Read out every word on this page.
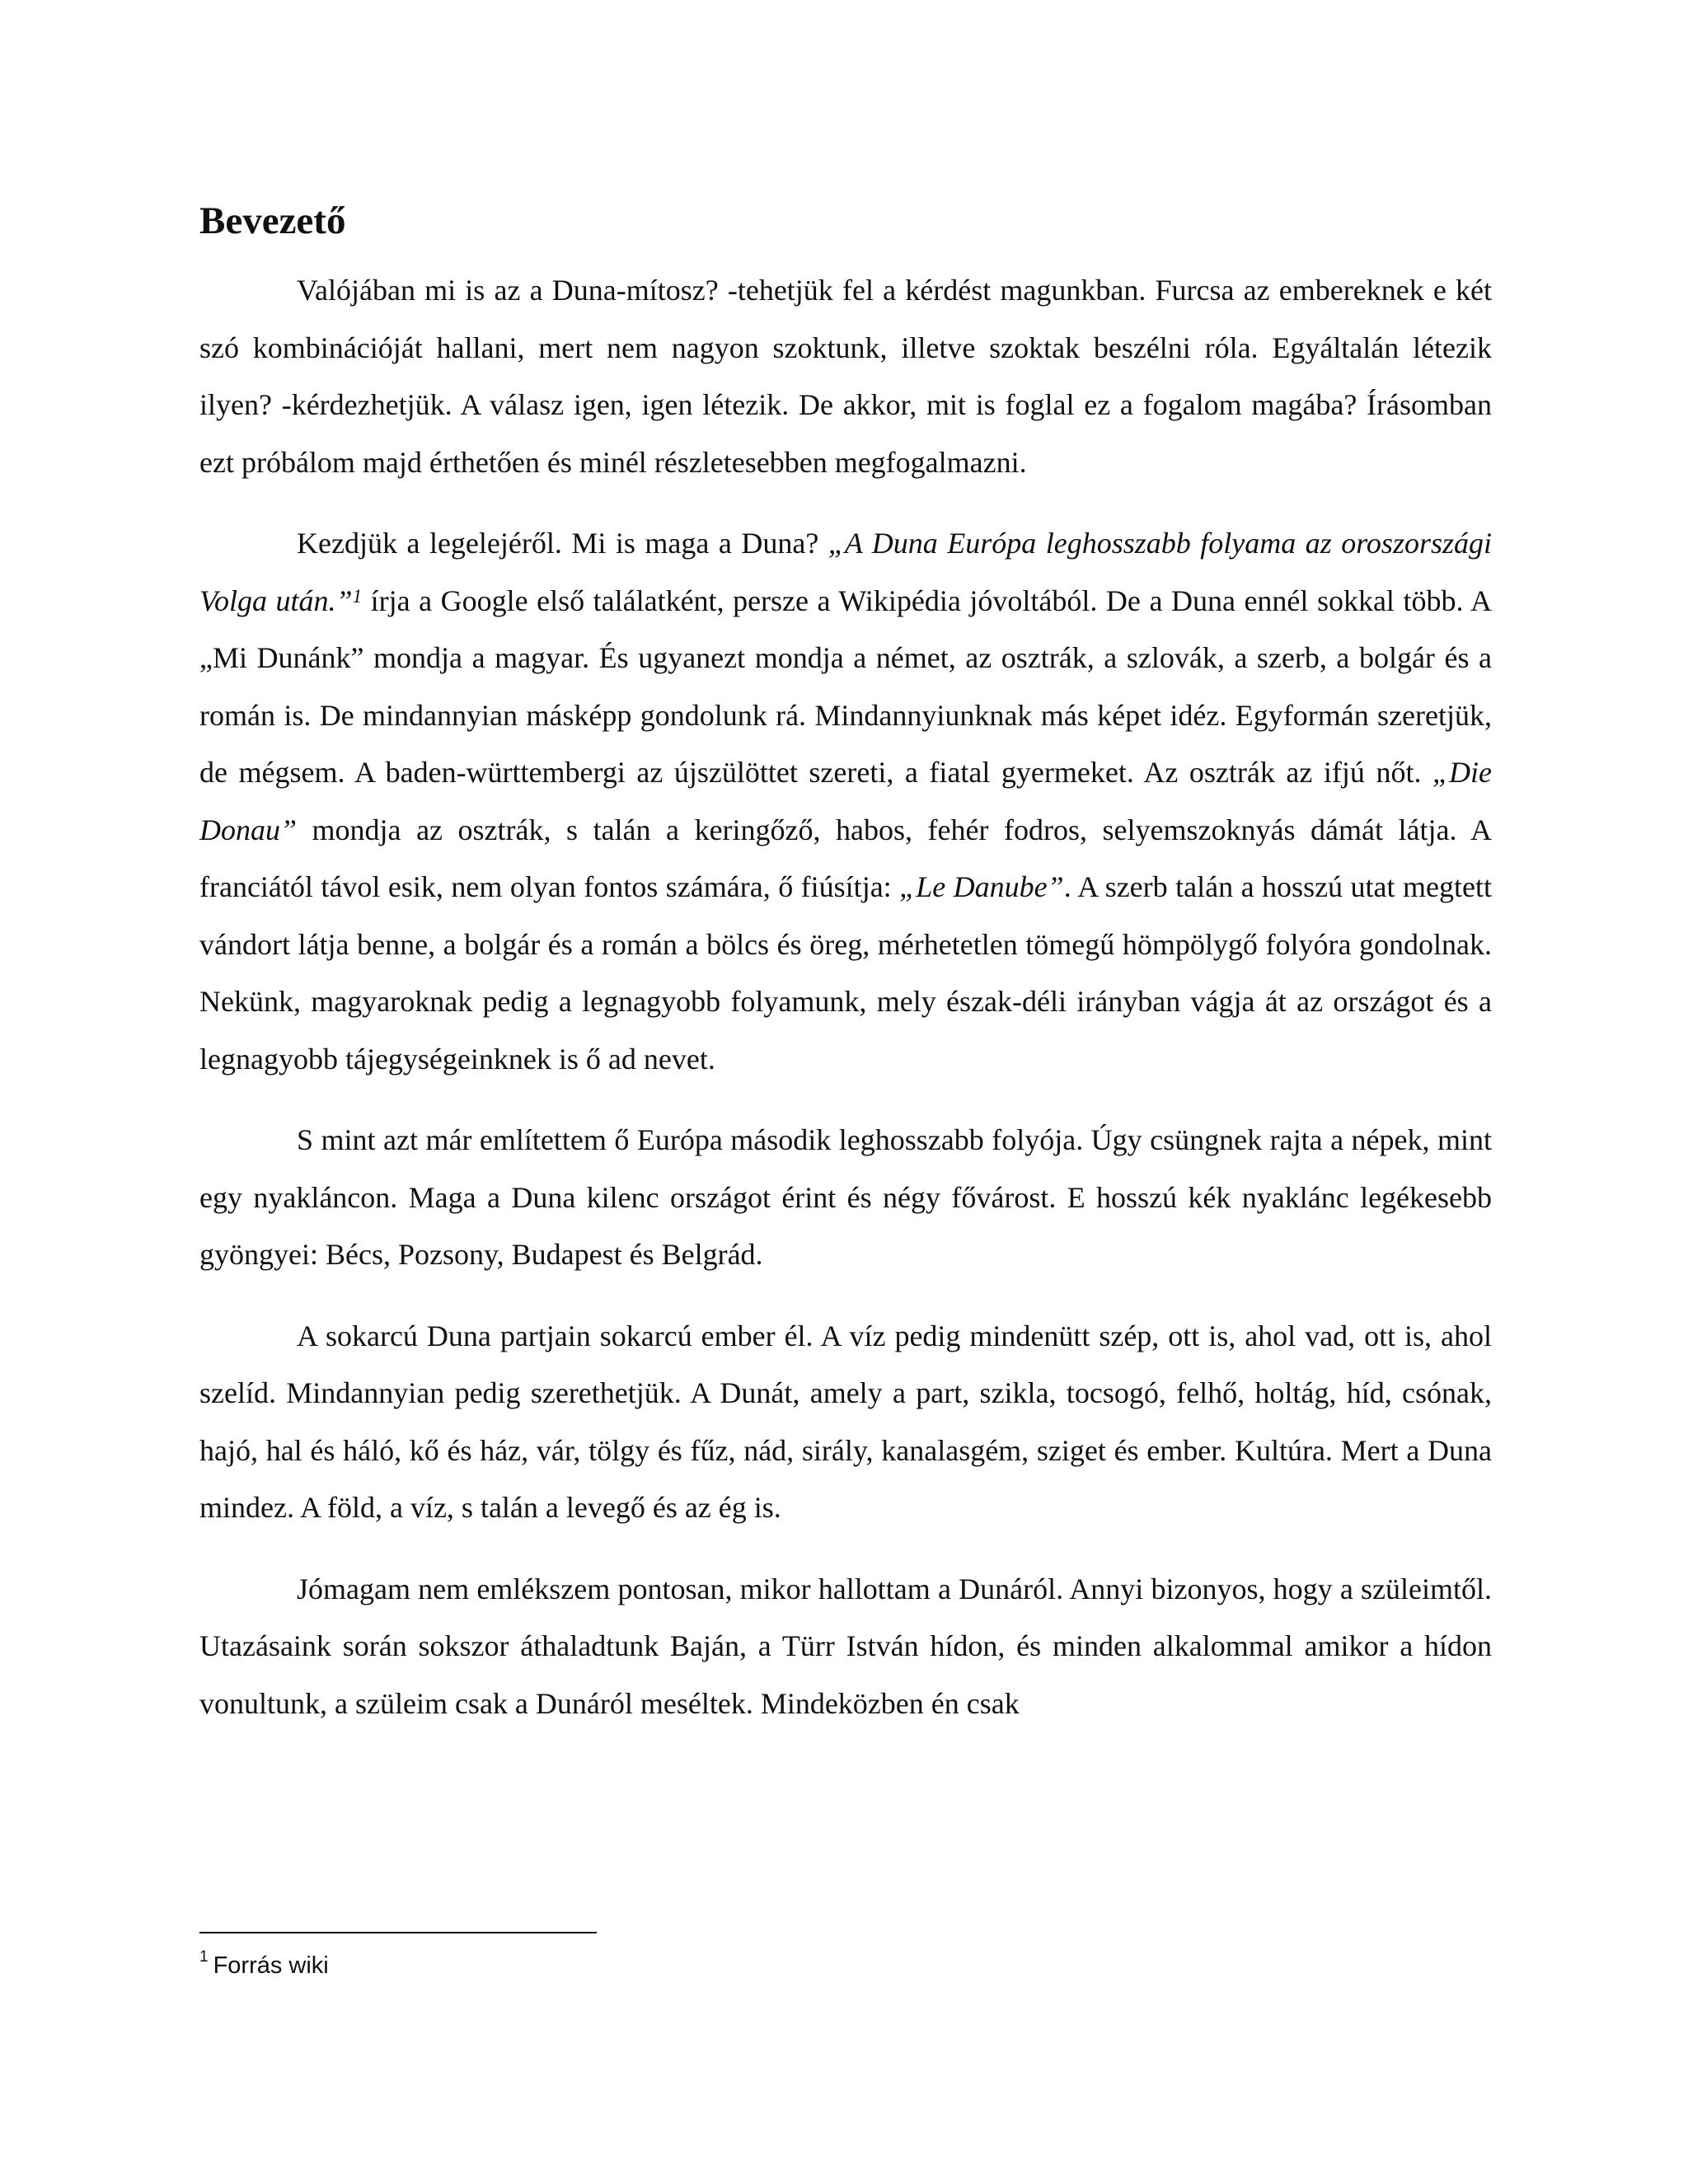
Bevezető

Valójában mi is az a Duna-mítosz? -tehetjük fel a kérdést magunkban. Furcsa az embereknek e két szó kombinációját hallani, mert nem nagyon szoktunk, illetve szoktak beszélni róla. Egyáltalán létezik ilyen? -kérdezhetjük. A válasz igen, igen létezik. De akkor, mit is foglal ez a fogalom magába? Írásomban ezt próbálom majd érthetően és minél részletesebben megfogalmazni.

Kezdjük a legelejéről. Mi is maga a Duna? „A Duna Európa leghosszabb folyama az oroszországi Volga után.”$^1$ írja a Google első találatként, persze a Wikipédia jóvoltából. De a Duna ennél sokkal több. A „Mi Dunánk” mondja a magyar. És ugyanezt mondja a német, az osztrák, a szlovák, a szerb, a bolgár és a román is. De mindannyian másképp gondolunk rá. Mindannyiunknak más képet idéz. Egyformán szeretjük, de mégsem. A baden-württembergi az újszülöttet szereti, a fiatal gyermeket. Az osztrák az ifjú nőt. „Die Donau” mondja az osztrák, s talán a keringőző, habos, fehér fodros, selyemszoknyás dámát látja. A franciától távol esik, nem olyan fontos számára, ő fiúsítja: „Le Danube”. A szerb talán a hosszú utat megtett vándort látja benne, a bolgár és a román a bölcs és öreg, mérhetetlen tömegű hömpölygő folyóra gondolnak. Nekünk, magyaroknak pedig a legnagyobb folyamunk, mely észak-déli irányban vágja át az országot és a legnagyobb tájegységeinknek is ő ad nevet.

S mint azt már említettem ő Európa második leghosszabb folyója. Úgy csüngnek rajta a népek, mint egy nyakláncon. Maga a Duna kilenc országot érint és négy fővárost. E hosszú kék nyaklánc legékesebb gyöngyei: Bécs, Pozsony, Budapest és Belgrád.

A sokarcú Duna partjain sokarcú ember él. A víz pedig mindenütt szép, ott is, ahol vad, ott is, ahol szelíd. Mindannyian pedig szerethetjük. A Dunát, amely a part, szikla, tocsogó, felhő, holtág, híd, csónak, hajó, hal és háló, kő és ház, vár, tölgy és fűz, nád, sirály, kanalasgém, sziget és ember. Kultúra. Mert a Duna mindez. A föld, a víz, s talán a levegő és az ég is.

Jómagam nem emlékszem pontosan, mikor hallottam a Dunáról. Annyi bizonyos, hogy a szüleimtől. Utazásaink során sokszor áthaladtunk Baján, a Türr István hídon, és minden alkalommal amikor a hídon vonultunk, a szüleim csak a Dunáról meséltek. Mindeközben én csak

$^1$ Forrás wiki
